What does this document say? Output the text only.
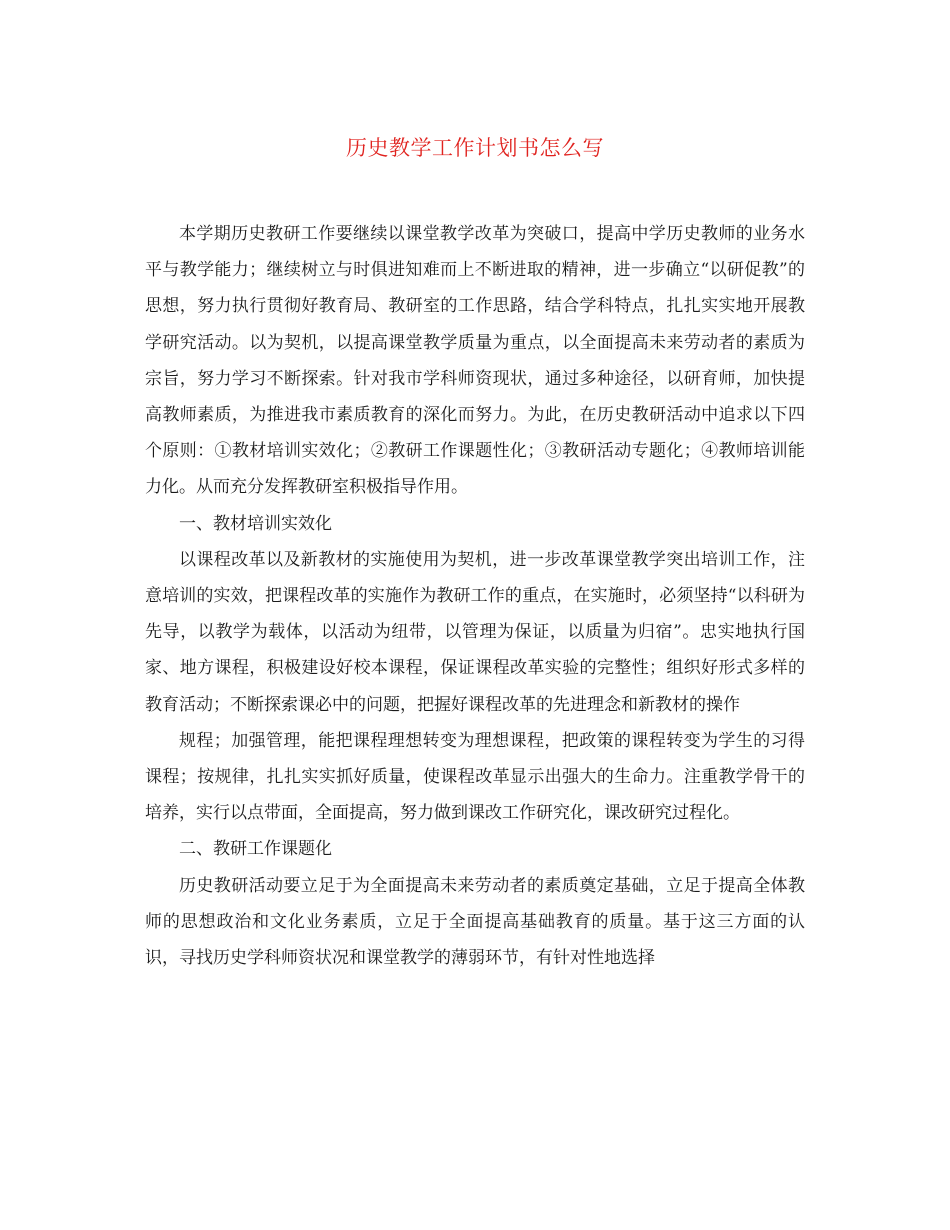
历史教学工作计划书怎么写

本学期历史教研工作要继续以课堂教学改革为突破口，提高中学历史教师的业务水平与教学能力；继续树立与时俱进知难而上不断进取的精神，进一步确立“以研促教”的思想，努力执行贯彻好教育局、教研室的工作思路，结合学科特点，扎扎实实地开展教学研究活动。以为契机，以提高课堂教学质量为重点，以全面提高未来劳动者的素质为宗旨，努力学习不断探索。针对我市学科师资现状，通过多种途径，以研育师，加快提高教师素质，为推进我市素质教育的深化而努力。为此，在历史教研活动中追求以下四个原则：①教材培训实效化；②教研工作课题性化；③教研活动专题化；④教师培训能力化。从而充分发挥教研室积极指导作用。

一、教材培训实效化

以课程改革以及新教材的实施使用为契机，进一步改革课堂教学突出培训工作，注意培训的实效，把课程改革的实施作为教研工作的重点，在实施时，必须坚持“以科研为先导，以教学为载体，以活动为纽带，以管理为保证，以质量为归宿”。忠实地执行国家、地方课程，积极建设好校本课程，保证课程改革实验的完整性；组织好形式多样的教育活动；不断探索课必中的问题，把握好课程改革的先进理念和新教材的操作

规程；加强管理，能把课程理想转变为理想课程，把政策的课程转变为学生的习得课程；按规律，扎扎实实抓好质量，使课程改革显示出强大的生命力。注重教学骨干的培养，实行以点带面，全面提高，努力做到课改工作研究化，课改研究过程化。

二、教研工作课题化

历史教研活动要立足于为全面提高未来劳动者的素质奠定基础，立足于提高全体教师的思想政治和文化业务素质，立足于全面提高基础教育的质量。基于这三方面的认识，寻找历史学科师资状况和课堂教学的薄弱环节，有针对性地选择
